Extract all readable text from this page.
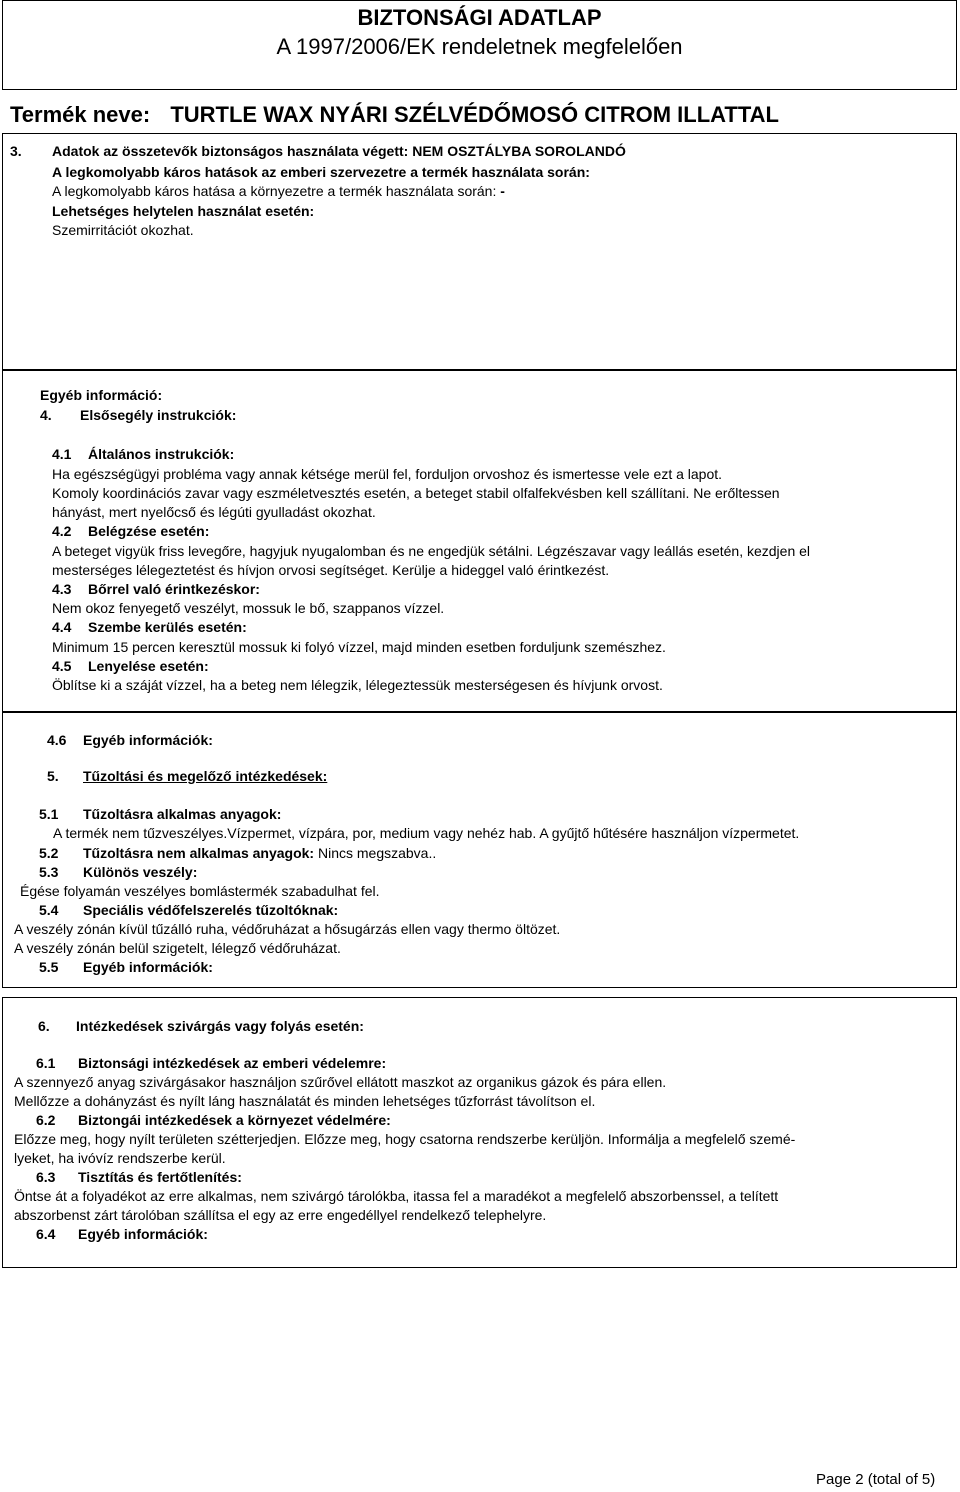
BIZTONSÁGI ADATLAP
A 1997/2006/EK rendeletnek megfelelően
Termék neve: TURTLE WAX NYÁRI SZÉLVÉDŐMOSÓ CITROM ILLATTAL
3. Adatok az összetevők biztonságos használata végett: NEM OSZTÁLYBA SOROLANDÓ
A legkomolyabb káros hatások az emberi szervezetre a termék használata során:
A legkomolyabb káros hatása a környezetre a termék használata során: -
Lehetséges helytelen használat esetén:
Szemirritációt okozhat.
Egyéb információ:
4. Elsősegély instrukciók:
4.1 Általános instrukciók:
Ha egészségügyi probléma vagy annak kétsége merül fel, forduljon orvoshoz és ismertesse vele ezt a lapot.
Komoly koordinációs zavar vagy eszméletvesztés esetén, a beteget stabil olfalfekvésben kell szállítani. Ne erőltessen
hányást, mert nyelőcső és légúti gyulladást okozhat.
4.2 Belégzése esetén:
A beteget vigyük friss levegőre, hagyjuk nyugalomban és ne engedjük sétálni. Légzészavar vagy leállás esetén, kezdjen el
mesterséges lélegeztetést és hívjon orvosi segítséget. Kerülje a hideggel való érintkezést.
4.3 Bőrrel való érintkezéskor:
Nem okoz fenyegető veszélyt, mossuk le bő, szappanos vízzel.
4.4 Szembe kerülés esetén:
Minimum 15 percen keresztül mossuk ki folyó vízzel, majd minden esetben forduljunk szemészhez.
4.5 Lenyelése esetén:
Öblítse ki a száját vízzel, ha a beteg nem lélegzik, lélegeztessük mesterségesen és hívjunk orvost.
4.6 Egyéb információk:
5. Tűzoltási és megelőző intézkedések:
5.1 Tűzoltásra alkalmas anyagok:
A termék nem tűzveszélyes.Vízpermet, vízpára, por, medium vagy nehéz hab. A gyűjtő hűtésére használjon vízpermetet.
5.2 Tűzoltásra nem alkalmas anyagok: Nincs megszabva..
5.3 Különös veszély:
Égése folyamán veszélyes bomlástermék szabadulhat fel.
5.4 Speciális védőfelszerelés tűzoltóknak:
A veszély zónán kívül tűzálló ruha, védőruházat a hősugárzás ellen vagy thermo öltözet.
A veszély zónán belül szigetelt, lélegző védőruházat.
5.5 Egyéb információk:
6. Intézkedések szivárgás vagy folyás esetén:
6.1 Biztonsági intézkedések az emberi védelemre:
A szennyező anyag szivárgásakor használjon szűrővel ellátott maszkot az organikus gázok és pára ellen.
Mellőzze a dohányzást és nyílt láng használatát és minden lehetséges tűzforrást távolítson el.
6.2 Biztongái intézkedések a környezet védelmére:
Előzze meg, hogy nyílt területen szétterjedjen. Előzze meg, hogy csatorna rendszerbe kerüljön. Informálja a megfelelő szemé-
lyeket, ha ivóvíz rendszerbe kerül.
6.3 Tisztítás és fertőtlenítés:
Öntse át a folyadékot az erre alkalmas, nem szivárgó tárolókba, itassa fel a maradékot a megfelelő abszorbenssel, a telített
abszorbenst zárt tárolóban szállítsa el egy az erre engedéllyel rendelkező telephelyre.
6.4 Egyéb információk:
Page 2 (total of 5)
